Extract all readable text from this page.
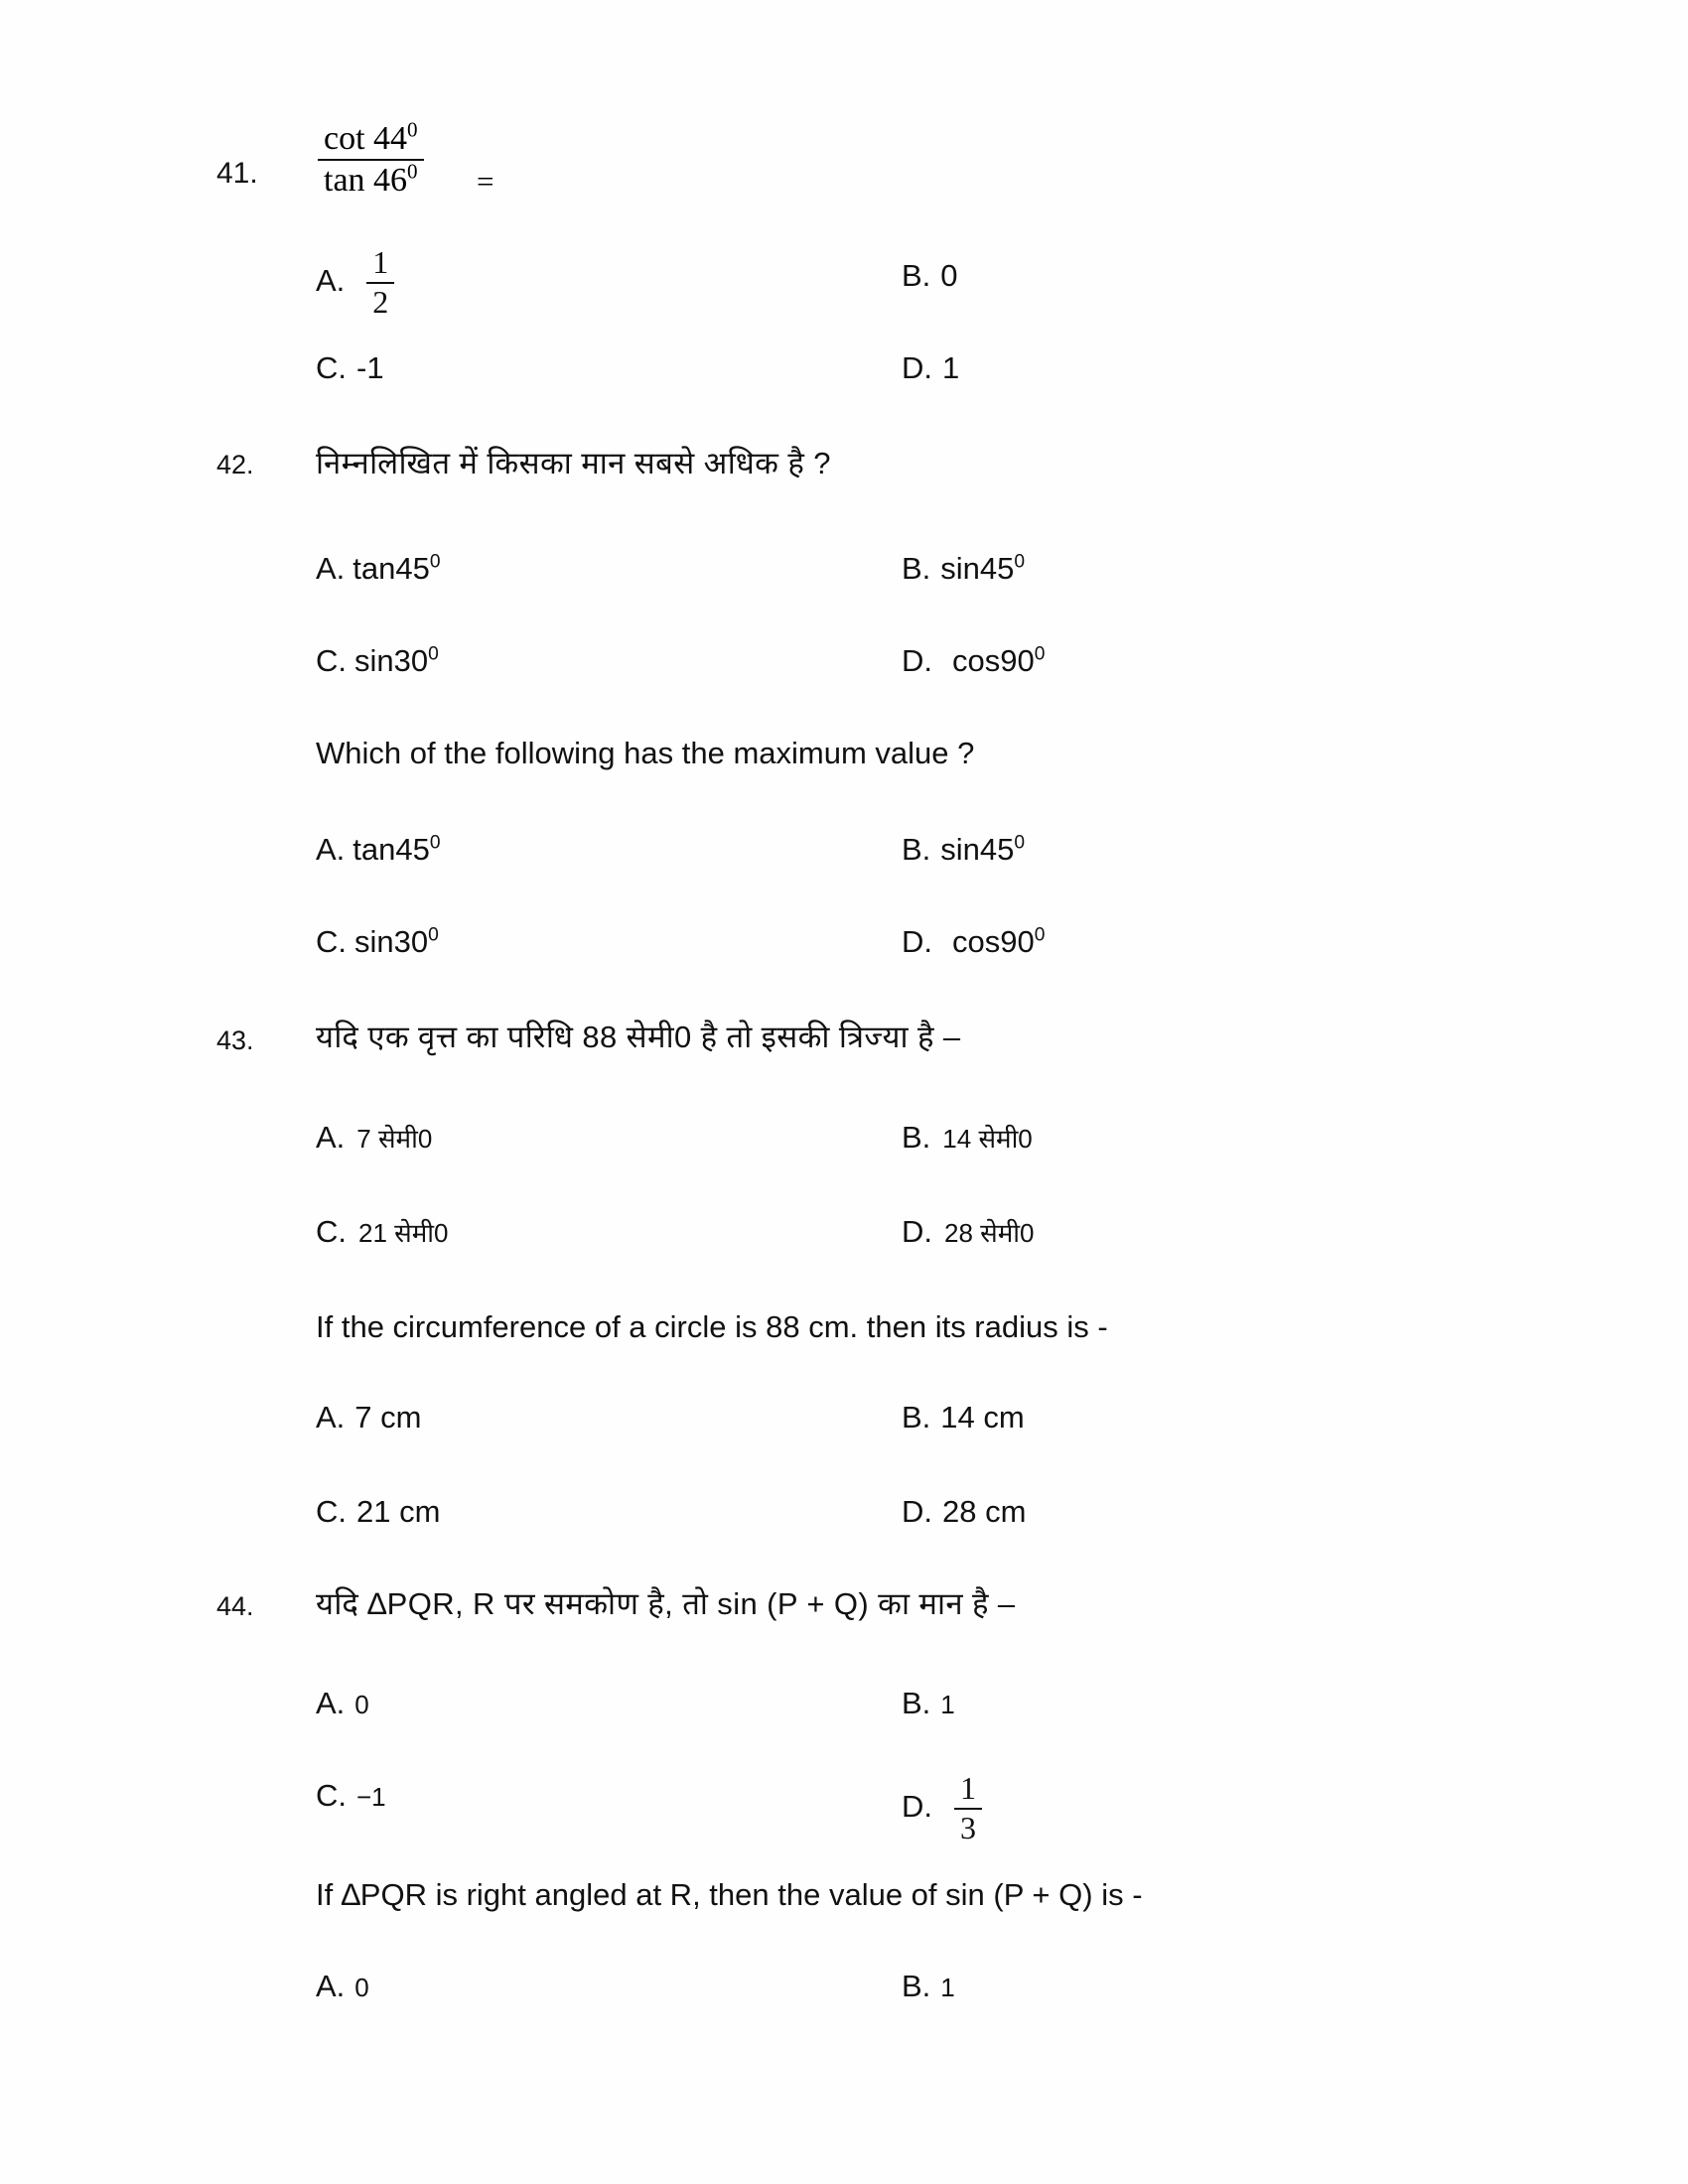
41.	$\frac{\cot 44^0}{\tan 46^0}$ =
A. $\frac{1}{2}$	B. 0
C. -1	D. 1
42.	निम्नलिखित में किसका मान सबसे अधिक है ?
A. $\tan 45^0$	B. $\sin 45^0$
C. $\sin 30^0$	D. $\cos 90^0$
Which of the following has the maximum value ?
A. $\tan 45^0$	B. $\sin 45^0$
C. $\sin 30^0$	D. $\cos 90^0$
43.	यदि एक वृत्त का परिधि 88 सेमी0 है तो इसकी त्रिज्या है –
A. 7 सेमी0	B. 14 सेमी0
C. 21 सेमी0	D. 28 सेमी0
If the circumference of a circle is 88 cm. then its radius is -
A. 7 cm	B. 14 cm
C. 21 cm	D. 28 cm
44.	यदि ∆PQR, R पर समकोण है, तो sin (P + Q) का मान है –
A. 0	B. 1
C. −1	D. $\frac{1}{3}$
If ∆PQR is right angled at R, then the value of sin (P + Q) is -
A. 0	B. 1
